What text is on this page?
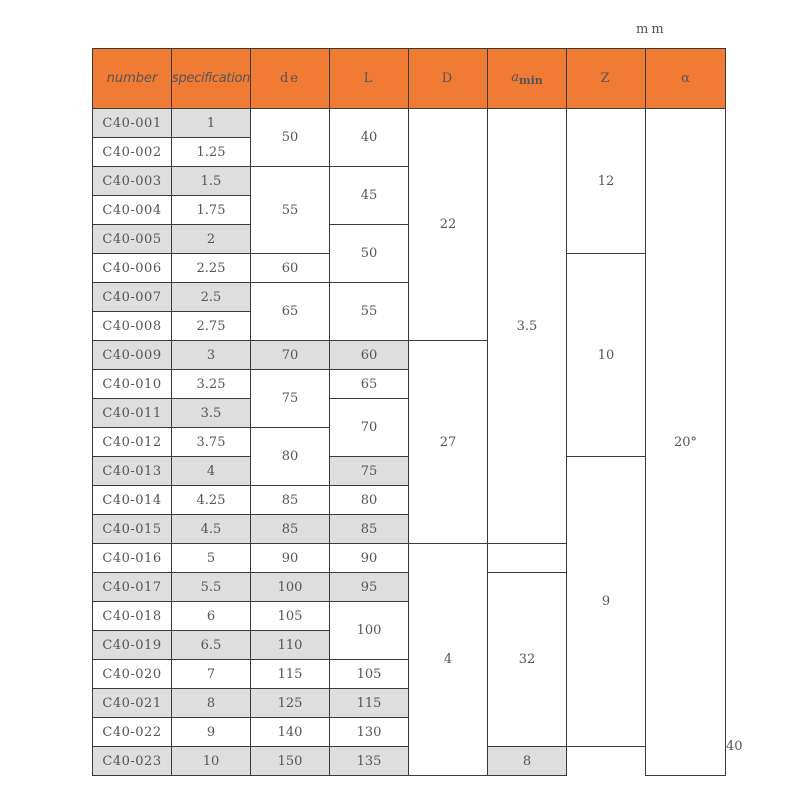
mm
number	specification	de	L	D	$a_{min}$	Z	α	
C40-001	1	50	40	22	3.5	12	20°	
C40-002	1.25							
C40-003	1.5	55	45					
C40-004	1.75							
C40-005	2		50					
C40-006	2.25	60				10		
C40-007	2.5	65	55					
C40-008	2.75							
C40-009	3	70	60	27				
C40-010	3.25	75	65					
C40-011	3.5		70					
C40-012	3.75	80						
C40-013	4		75			9		
C40-014	4.25	85	80					
C40-015	4.5	85	85					
C40-016	5	90	90	4				
C40-017	5.5	100	95		32			
C40-018	6	105	100					
C40-019	6.5	110						
C40-020	7	115	105					
C40-021	8	125	115					
C40-022	9	140	130					40
C40-023	10	150	135		8			
